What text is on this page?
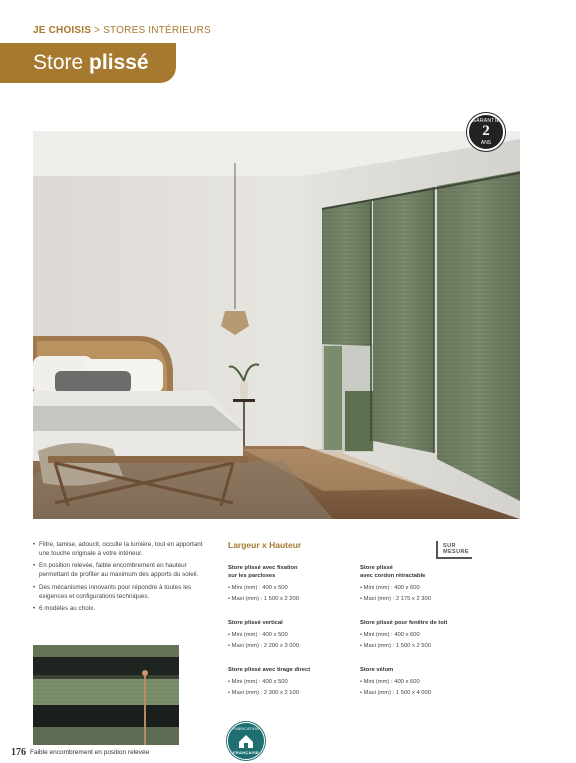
JE CHOISIS > STORES INTÉRIEURS
Store plissé
GARANTIE
2
ANS
• Filtre, tamise, adoucit, occulte la lumière, tout en apportant une touche originale à votre intérieur.
• En position relevée, faible encombrement en hauteur permettant de profiter au maximum des apports du soleil.
• Des mécanismes innovants pour répondre à toutes les exigences et configurations techniques.
• 6 modèles au choix.
176 Faible encombrement en position relevée
Largeur x Hauteur	SUR
MESURE
Store plissé avec fixation
sur les parcloses
• Mini (mm) : 400 x 500
• Maxi (mm) : 1 500 x 2 200
Store plissé
avec cordon rétractable
• Mini (mm) : 400 x 600
• Maxi (mm) : 2 175 x 2 300
Store plissé vertical
• Mini (mm) : 400 x 500
• Maxi (mm) : 2 200 x 3 000
Store plissé pour fenêtre de toit
• Mini (mm) : 400 x 600
• Maxi (mm) : 1 500 x 2 500
Store plissé avec tirage direct
• Mini (mm) : 400 x 500
• Maxi (mm) : 2 300 x 2 100
Store vélum
• Mini (mm) : 400 x 600
• Maxi (mm) : 1 500 x 4 000
FABRICATION
FRANÇAISE
